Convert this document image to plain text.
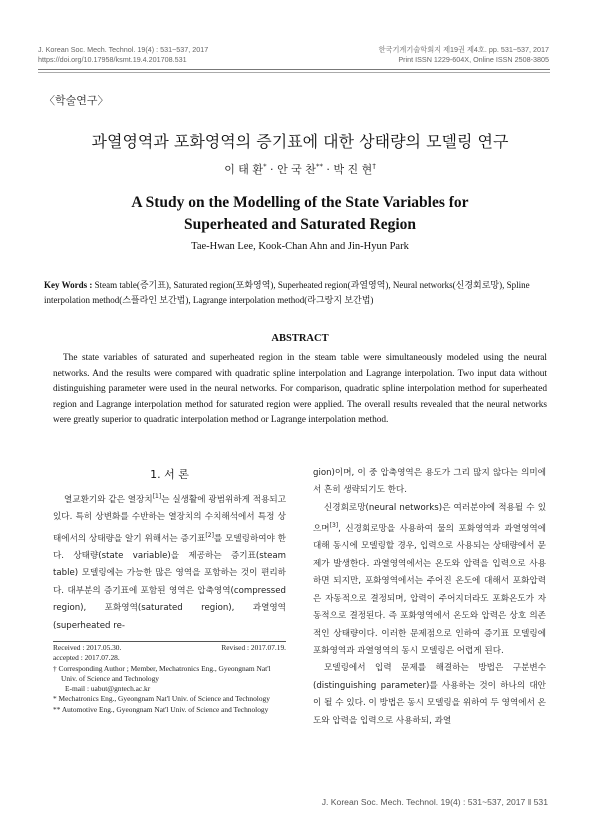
J. Korean Soc. Mech. Technol. 19(4) : 531~537, 2017
https://doi.org/10.17958/ksmt.19.4.201708.531
한국기계기술학회지 제19권 제4호. pp. 531~537, 2017
Print ISSN 1229-604X, Online ISSN 2508-3805
〈학술연구〉
과열영역과 포화영역의 증기표에 대한 상태량의 모델링 연구
이 태 환* · 안 국 찬** · 박 진 현†
A Study on the Modelling of the State Variables for
Superheated and Saturated Region
Tae-Hwan Lee, Kook-Chan Ahn and Jin-Hyun Park
Key Words : Steam table(증기표), Saturated region(포화영역), Superheated region(과열영역), Neural networks(신경회로망), Spline interpolation method(스플라인 보간법), Lagrange interpolation method(라그랑지 보간법)
ABSTRACT
The state variables of saturated and superheated region in the steam table were simultaneously modeled using the neural networks. And the results were compared with quadratic spline interpolation and Lagrange interpolation. Two input data without distinguishing parameter were used in the neural networks. For comparison, quadratic spline interpolation method for superheated region and Lagrange interpolation method for saturated region were applied. The overall results revealed that the neural networks were greatly superior to quadratic interpolation method or Lagrange interpolation method.
1. 서 론

열교환기와 같은 열장치[1]는 실생활에 광범위하게 적용되고 있다. 특히 상변화를 수반하는 열장치의 수치해석에서 특정 상태에서의 상태량을 알기 위해서는 증기표[2]를 모델링하여야 한다. 상태량(state variable)을 제공하는 증기표(steam table) 모델링에는 가능한 많은 영역을 포함하는 것이 편리하다. 대부분의 증기표에 포함된 영역은 압축영역(compressed region), 포화영역(saturated region), 과열영역(superheated re-

Received : 2017.05.30.	Revised : 2017.07.19.
accepted : 2017.07.28.
† Corresponding Author ; Member, Mechatronics Eng., Gyeongnam Nat'l Univ. of Science and Technology
E-mail : uabut@gntech.ac.kr
* Mechatronics Eng., Gyeongnam Nat'l Univ. of Science and Technology
** Automotive Eng., Gyeongnam Nat'l Univ. of Science and Technology

gion)이며, 이 중 압축영역은 용도가 그리 많지 않다는 의미에서 흔히 생략되기도 한다.

신경회로망(neural networks)은 여러분야에 적용될 수 있으며[3], 신경회로망을 사용하여 물의 포화영역과 과열영역에 대해 동시에 모델링할 경우, 입력으로 사용되는 상태량에서 문제가 발생한다. 과열영역에서는 온도와 압력을 입력으로 사용하면 되지만, 포화영역에서는 주어진 온도에 대해서 포화압력은 자동적으로 결정되며, 압력이 주어지더라도 포화온도가 자동적으로 결정된다. 즉 포화영역에서 온도와 압력은 상호 의존적인 상태량이다. 이러한 문제점으로 인하여 증기표 모델링에 포화영역과 과열영역의 동시 모델링은 어렵게 된다.

모델링에서 입력 문제를 해결하는 방법은 구분변수(distinguishing parameter)를 사용하는 것이 하나의 대안이 될 수 있다. 이 방법은 동시 모델링을 위하여 두 영역에서 온도와 압력을 입력으로 사용하되, 과열

J. Korean Soc. Mech. Technol. 19(4) : 531~537, 2017 ‖ 531
